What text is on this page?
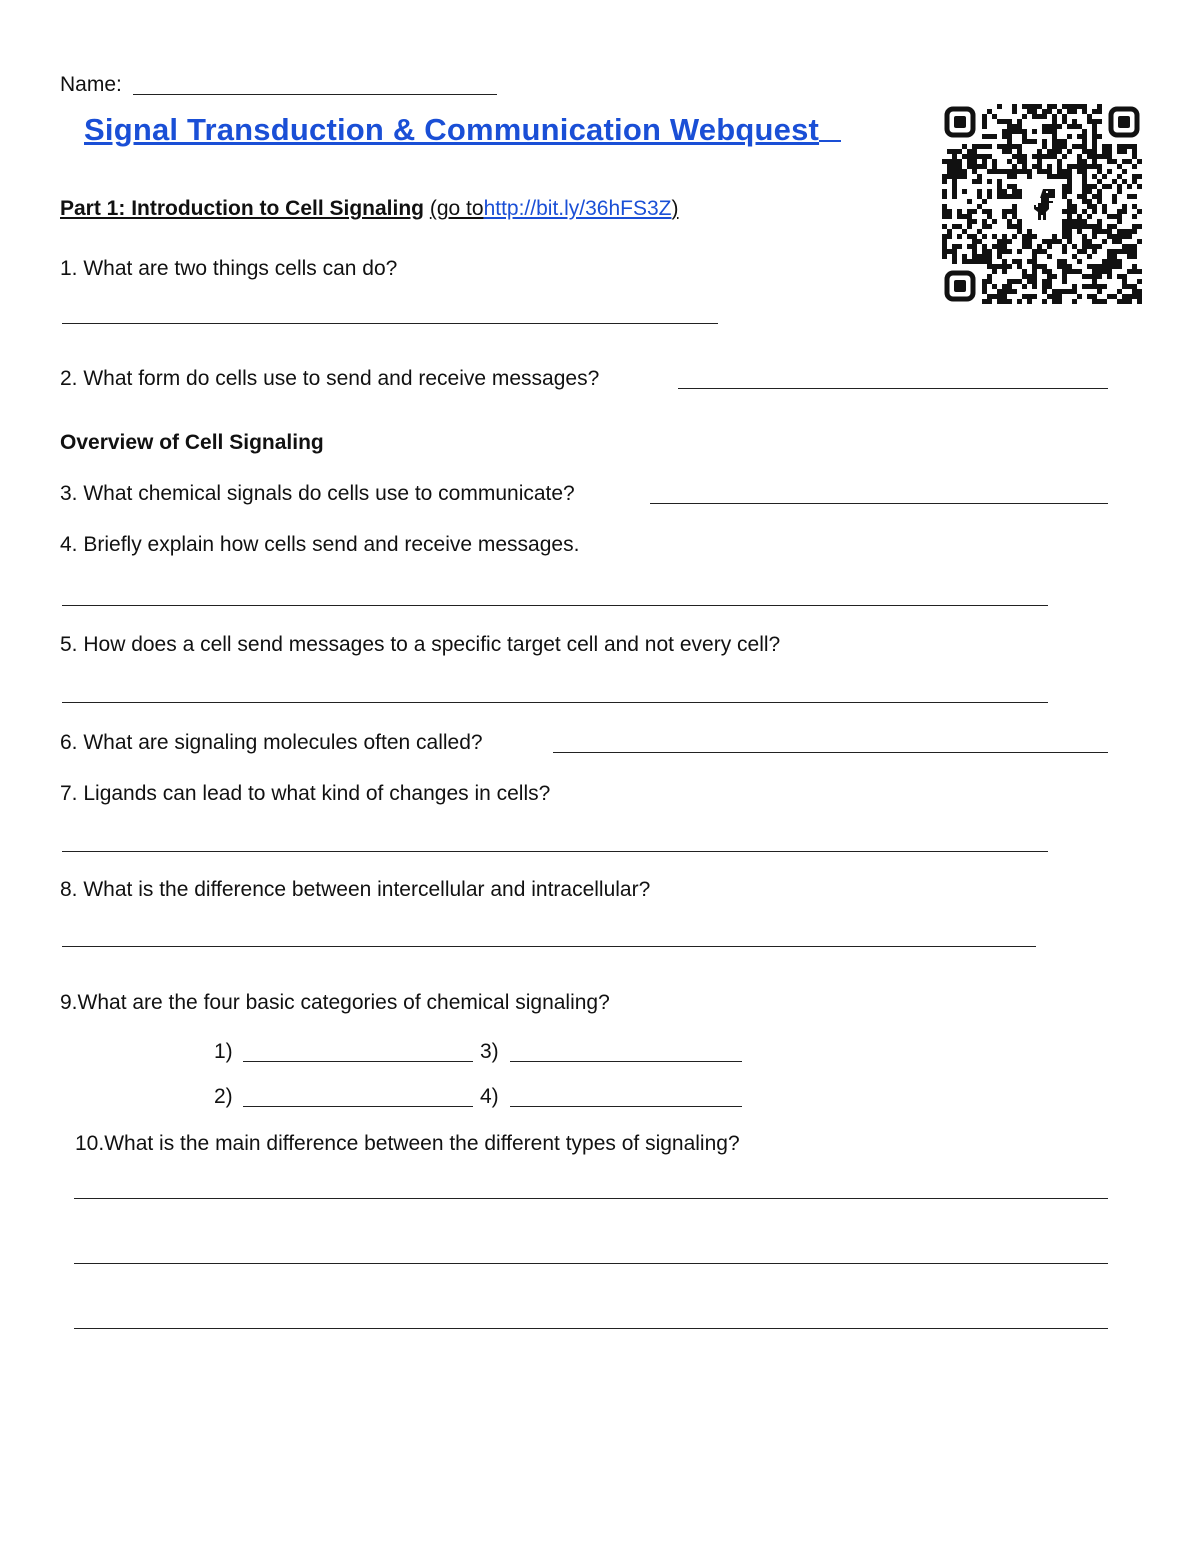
Name:
Signal Transduction & Communication Webquest
Part 1: Introduction to Cell Signaling (go tohttp://bit.ly/36hFS3Z)
1. What are two things cells can do?
2. What form do cells use to send and receive messages?
Overview of Cell Signaling
3. What chemical signals do cells use to communicate?
4. Briefly explain how cells send and receive messages.
5. How does a cell send messages to a specific target cell and not every cell?
6. What are signaling molecules often called?
7. Ligands can lead to what kind of changes in cells?
8. What is the difference between intercellular and intracellular?
9.What are the four basic categories of chemical signaling?
1)	3)
2)	4)
10.What is the main difference between the different types of signaling?
